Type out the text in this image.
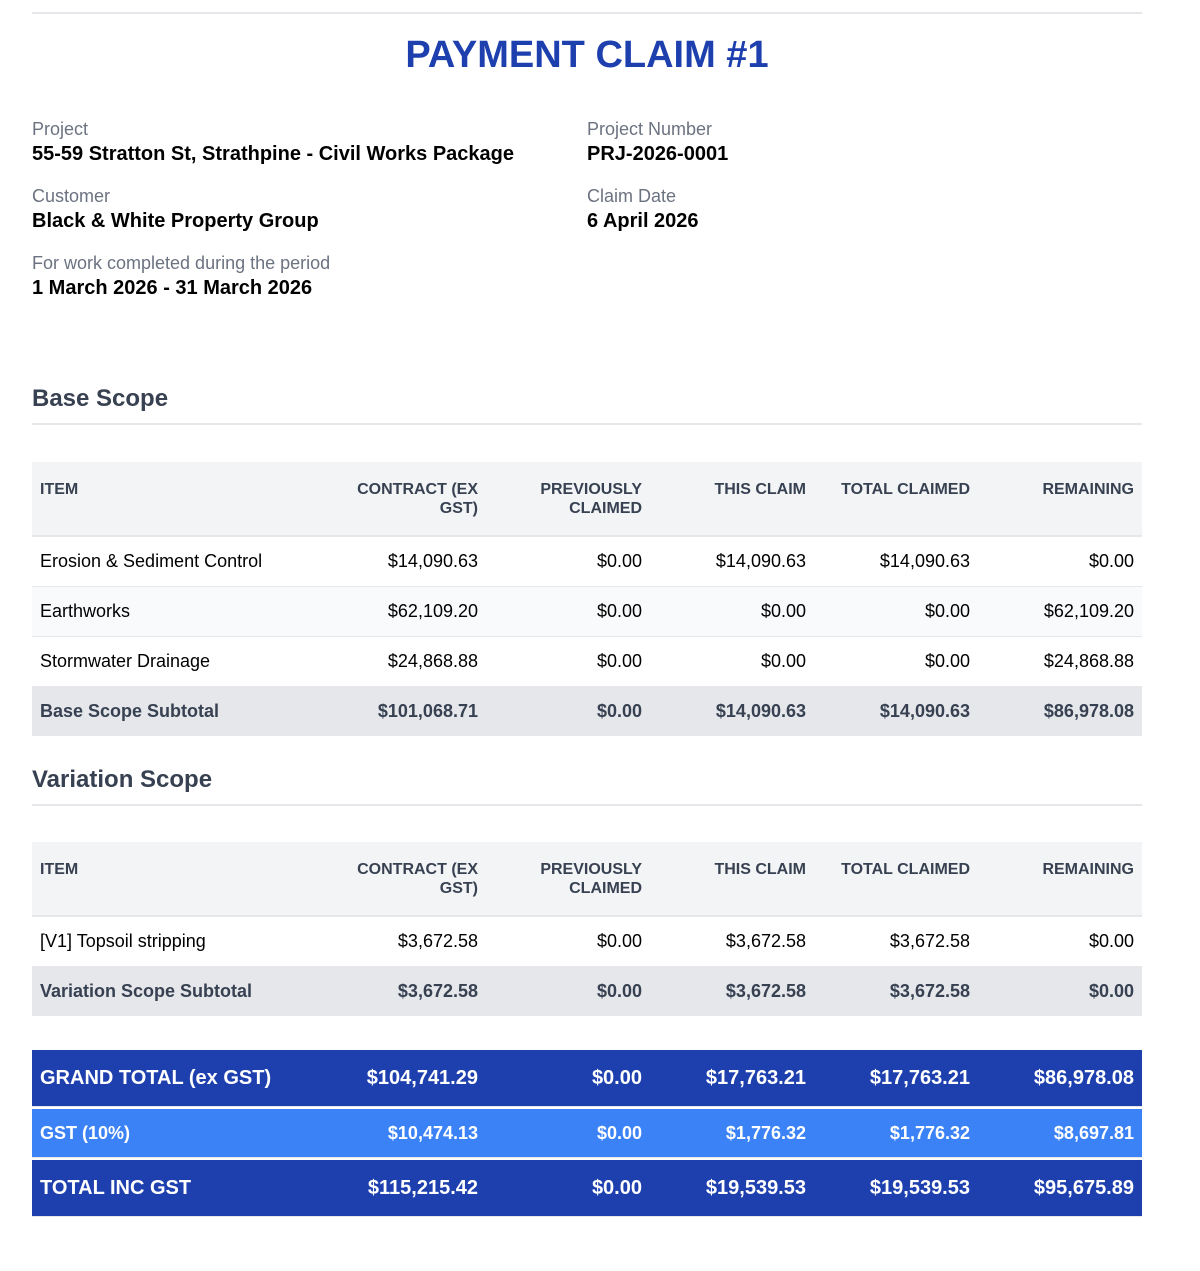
PAYMENT CLAIM #1
Project
55-59 Stratton St, Strathpine - Civil Works Package
Customer
Black & White Property Group
For work completed during the period
1 March 2026 - 31 March 2026
Project Number
PRJ-2026-0001
Claim Date
6 April 2026
Base Scope
ITEM	CONTRACT (EX GST)	PREVIOUSLY CLAIMED	THIS CLAIM	TOTAL CLAIMED	REMAINING
Erosion & Sediment Control	$14,090.63	$0.00	$14,090.63	$14,090.63	$0.00
Earthworks	$62,109.20	$0.00	$0.00	$0.00	$62,109.20
Stormwater Drainage	$24,868.88	$0.00	$0.00	$0.00	$24,868.88
Base Scope Subtotal	$101,068.71	$0.00	$14,090.63	$14,090.63	$86,978.08
Variation Scope
ITEM	CONTRACT (EX GST)	PREVIOUSLY CLAIMED	THIS CLAIM	TOTAL CLAIMED	REMAINING
[V1] Topsoil stripping	$3,672.58	$0.00	$3,672.58	$3,672.58	$0.00
Variation Scope Subtotal	$3,672.58	$0.00	$3,672.58	$3,672.58	$0.00
GRAND TOTAL (ex GST)	$104,741.29	$0.00	$17,763.21	$17,763.21	$86,978.08
GST (10%)	$10,474.13	$0.00	$1,776.32	$1,776.32	$8,697.81
TOTAL INC GST	$115,215.42	$0.00	$19,539.53	$19,539.53	$95,675.89
